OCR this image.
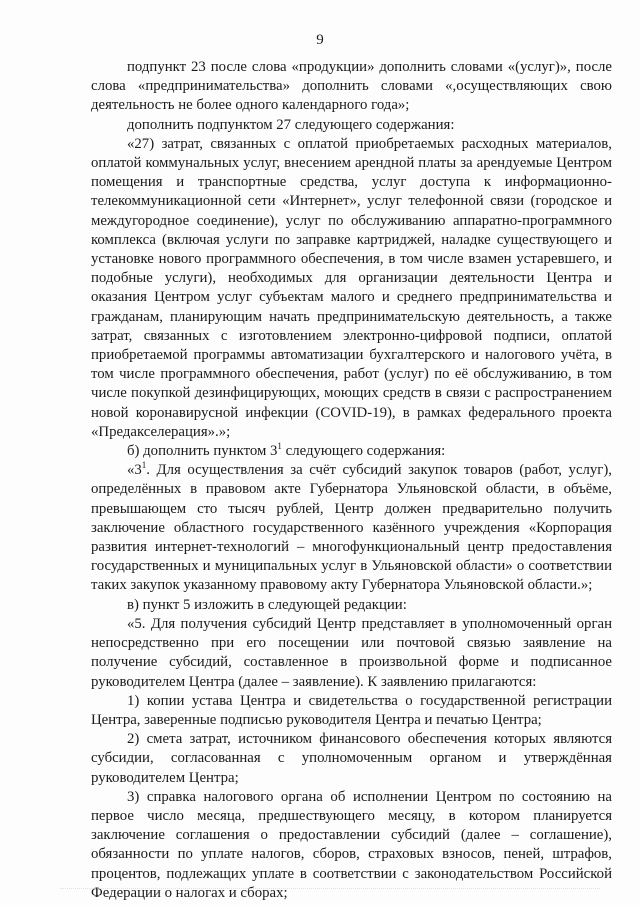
9

подпункт 23 после слова «продукции» дополнить словами «(услуг)», после слова «предпринимательства» дополнить словами «,осуществляющих свою деятельность не более одного календарного года»;

дополнить подпунктом 27 следующего содержания:

«27) затрат, связанных с оплатой приобретаемых расходных материалов, оплатой коммунальных услуг, внесением арендной платы за арендуемые Центром помещения и транспортные средства, услуг доступа к информационно-телекоммуникационной сети «Интернет», услуг телефонной связи (городское и междугородное соединение), услуг по обслуживанию аппаратно-программного комплекса (включая услуги по заправке картриджей, наладке существующего и установке нового программного обеспечения, в том числе взамен устаревшего, и подобные услуги), необходимых для организации деятельности Центра и оказания Центром услуг субъектам малого и среднего предпринимательства и гражданам, планирующим начать предпринимательскую деятельность, а также затрат, связанных с изготовлением электронно-цифровой подписи, оплатой приобретаемой программы автоматизации бухгалтерского и налогового учёта, в том числе программного обеспечения, работ (услуг) по её обслуживанию, в том числе покупкой дезинфицирующих, моющих средств в связи с распространением новой коронавирусной инфекции (COVID-19), в рамках федерального проекта «Предакселерация».»;

б) дополнить пунктом $3^1$ следующего содержания:

«$3^1$. Для осуществления за счёт субсидий закупок товаров (работ, услуг), определённых в правовом акте Губернатора Ульяновской области, в объёме, превышающем сто тысяч рублей, Центр должен предварительно получить заключение областного государственного казённого учреждения «Корпорация развития интернет-технологий – многофункциональный центр предоставления государственных и муниципальных услуг в Ульяновской области» о соответствии таких закупок указанному правовому акту Губернатора Ульяновской области.»;

в) пункт 5 изложить в следующей редакции:

«5. Для получения субсидий Центр представляет в уполномоченный орган непосредственно при его посещении или почтовой связью заявление на получение субсидий, составленное в произвольной форме и подписанное руководителем Центра (далее – заявление). К заявлению прилагаются:

1) копии устава Центра и свидетельства о государственной регистрации Центра, заверенные подписью руководителя Центра и печатью Центра;

2) смета затрат, источником финансового обеспечения которых являются субсидии, согласованная с уполномоченным органом и утверждённая руководителем Центра;

3) справка налогового органа об исполнении Центром по состоянию на первое число месяца, предшествующего месяцу, в котором планируется заключение соглашения о предоставлении субсидий (далее – соглашение), обязанности по уплате налогов, сборов, страховых взносов, пеней, штрафов, процентов, подлежащих уплате в соответствии с законодательством Российской Федерации о налогах и сборах;
